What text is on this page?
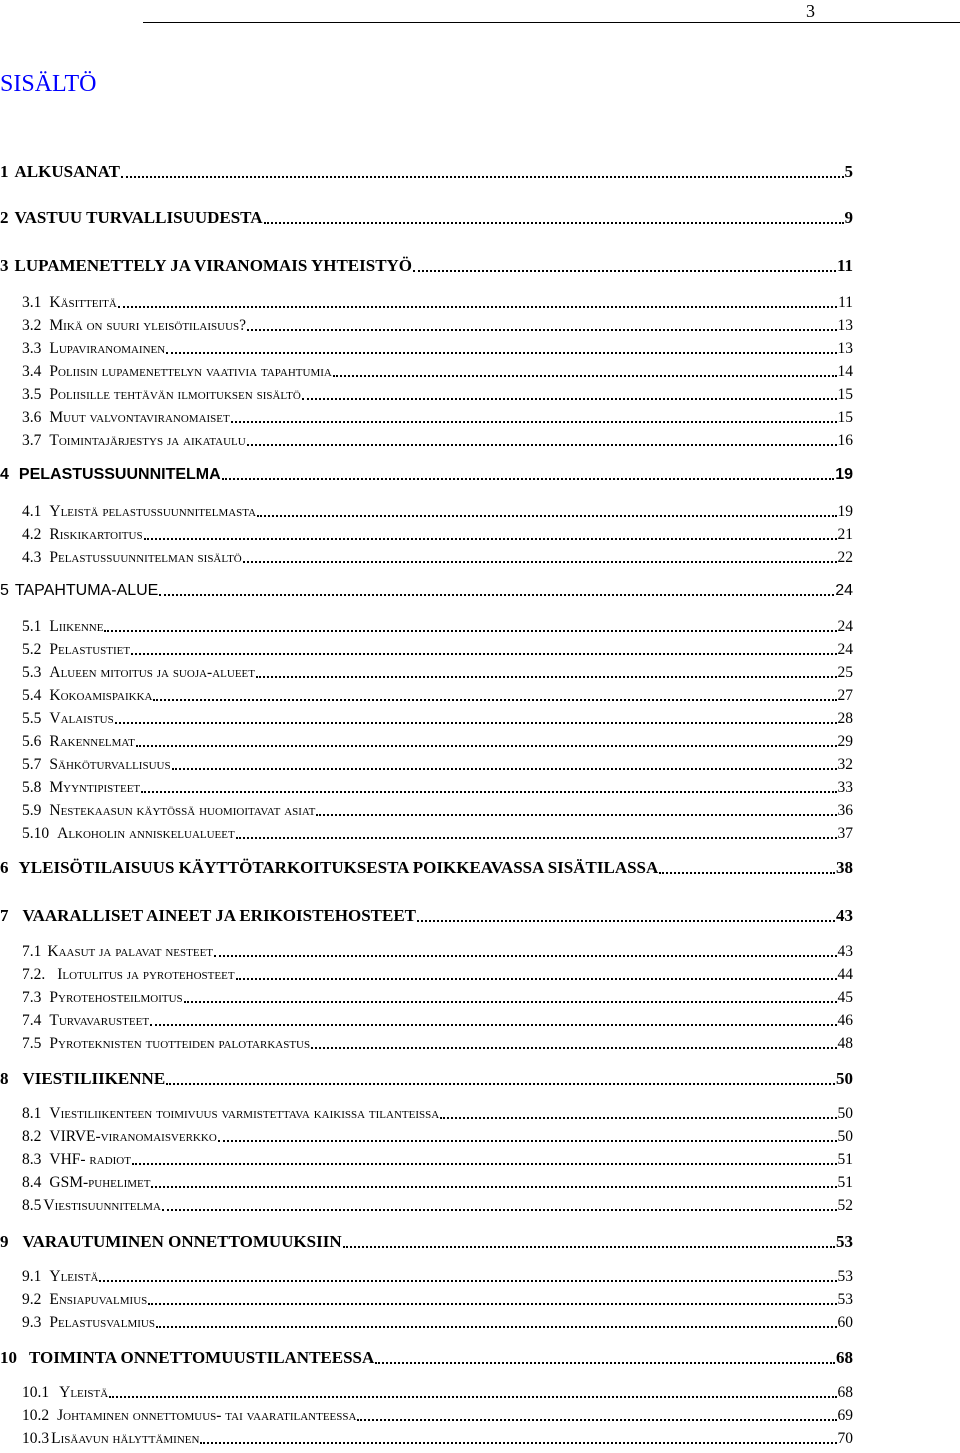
3
SISÄLTÖ
1 ALKUSANAT	5
2 VASTUU TURVALLISUUDESTA	9
3 LUPAMENETTELY JA VIRANOMAIS YHTEISTYÖ	11
3.1 Käsitteitä	11
3.2 Mikä on suuri yleisötilaisuus?	13
3.3 Lupaviranomainen	13
3.4 Poliisin lupamenettelyn vaativia tapahtumia	14
3.5 Poliisille tehtävän ilmoituksen sisältö	15
3.6 Muut valvontaviranomaiset	15
3.7 Toimintajärjestys ja aikataulu	16
4 PELASTUSSUUNNITELMA	19
4.1 Yleistä pelastussuunnitelmasta	19
4.2 Riskikartoitus	21
4.3 Pelastussuunnitelman sisältö	22
5 TAPAHTUMA-ALUE	24
5.1 Liikenne	24
5.2 Pelastustiet	24
5.3 Alueen mitoitus ja suoja-alueet	25
5.4 Kokoamispaikka	27
5.5 Valaistus	28
5.6 Rakennelmat	29
5.7 Sähköturvallisuus	32
5.8 Myyntipisteet	33
5.9 Nestekaasun käytössä huomioitavat asiat	36
5.10 Alkoholin anniskelualueet	37
6 YLEISÖTILAISUUS KÄYTTÖTARKOITUKSESTA POIKKEAVASSA SISÄTILASSA	38
7 VAARALLISET AINEET JA ERIKOISTEHOSTEET	43
7.1 Kaasut ja palavat nesteet	43
7.2. Ilotulitus ja pyrotehosteet	44
7.3 Pyrotehosteilmoitus	45
7.4 Turvavarusteet	46
7.5 Pyroteknisten tuotteiden palotarkastus	48
8 VIESTILIIKENNE	50
8.1 Viestiliikenteen toimivuus varmistettava kaikissa tilanteissa	50
8.2 VIRVE-viranomaisverkko	50
8.3 VHF- radiot	51
8.4 GSM-puhelimet	51
8.5 Viestisuunnitelma	52
9 VARAUTUMINEN ONNETTOMUUKSIIN	53
9.1 Yleistä	53
9.2 Ensiapuvalmius	53
9.3 Pelastusvalmius	60
10 TOIMINTA ONNETTOMUUSTILANTEESSA	68
10.1 Yleistä	68
10.2 Johtaminen onnettomuus- tai vaaratilanteessa	69
10.3 Lisäavun hälyttäminen	70
